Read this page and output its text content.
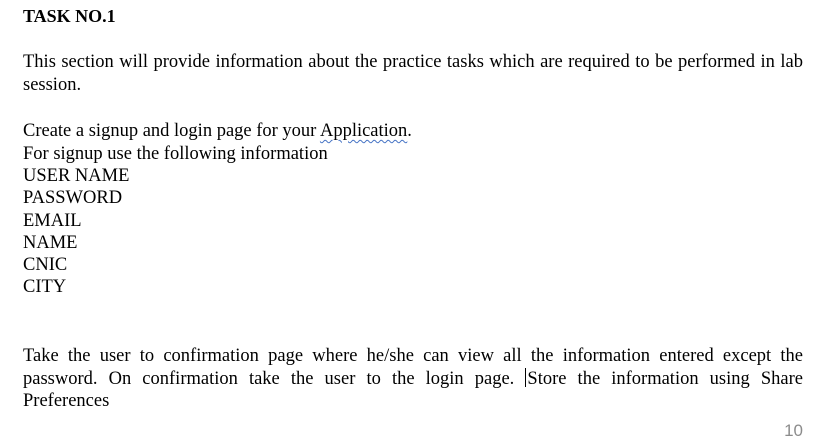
TASK NO.1
This section will provide information about the practice tasks which are required to be performed in lab session.
Create a signup and login page for your Application.
For signup use the following information
USER NAME
PASSWORD
EMAIL
NAME
CNIC
CITY
Take the user to confirmation page where he/she can view all the information entered except the password. On confirmation take the user to the login page. Store the information using Share Preferences
10
